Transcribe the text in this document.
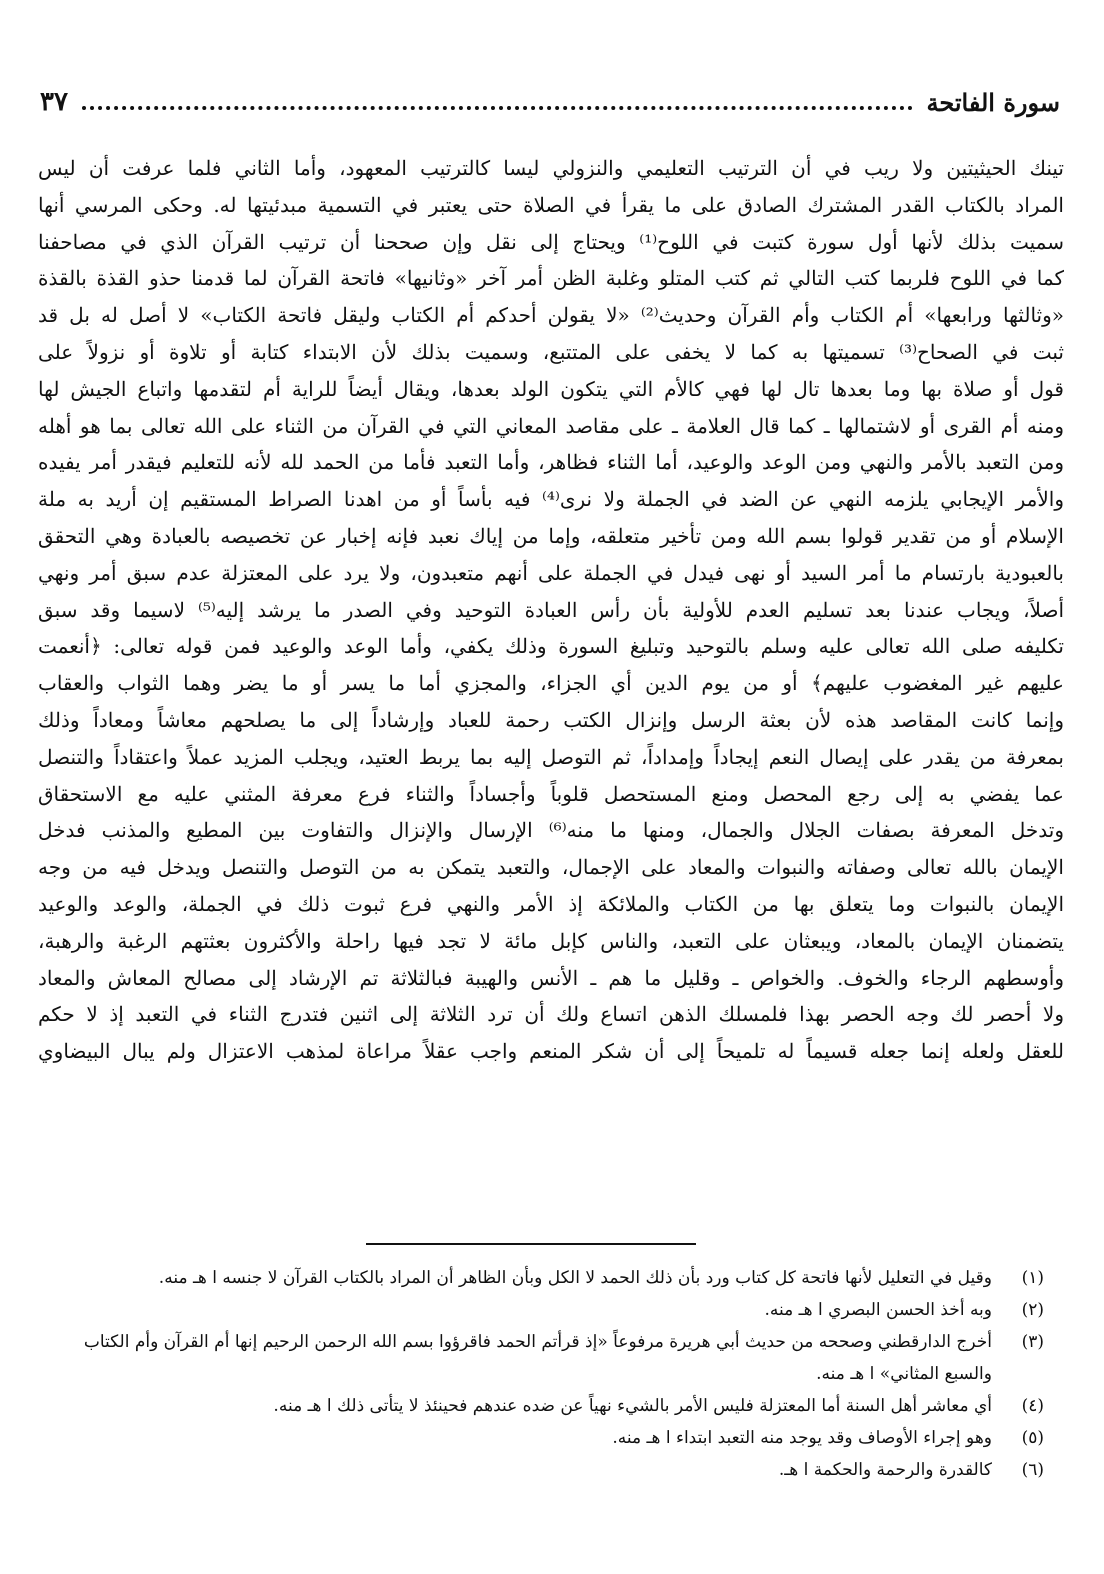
سورة الفاتحة
٣٧
تينك الحيثيتين ولا ريب في أن الترتيب التعليمي والنزولي ليسا كالترتيب المعهود، وأما الثاني فلما عرفت أن ليس
المراد بالكتاب القدر المشترك الصادق على ما يقرأ في الصلاة حتى يعتبر في التسمية مبدئيتها له. وحكى المرسي أنها
سميت بذلك لأنها أول سورة كتبت في اللوح⁽¹⁾ ويحتاج إلى نقل وإن صححنا أن ترتيب القرآن الذي في مصاحفنا
كما في اللوح فلربما كتب التالي ثم كتب المتلو وغلبة الظن أمر آخر «وثانيها» فاتحة القرآن لما قدمنا حذو القذة بالقذة
«وثالثها ورابعها» أم الكتاب وأم القرآن وحديث⁽²⁾ «لا يقولن أحدكم أم الكتاب وليقل فاتحة الكتاب» لا أصل له بل قد
ثبت في الصحاح⁽³⁾ تسميتها به كما لا يخفى على المتتبع، وسميت بذلك لأن الابتداء كتابة أو تلاوة أو نزولاً على
قول أو صلاة بها وما بعدها تال لها فهي كالأم التي يتكون الولد بعدها، ويقال أيضاً للراية أم لتقدمها واتباع الجيش لها
ومنه أم القرى أو لاشتمالها ـ كما قال العلامة ـ على مقاصد المعاني التي في القرآن من الثناء على الله تعالى بما هو أهله
ومن التعبد بالأمر والنهي ومن الوعد والوعيد، أما الثناء فظاهر، وأما التعبد فأما من الحمد لله لأنه للتعليم فيقدر أمر يفيده
والأمر الإيجابي يلزمه النهي عن الضد في الجملة ولا نرى⁽⁴⁾ فيه بأساً أو من اهدنا الصراط المستقيم إن أريد به ملة
الإسلام أو من تقدير قولوا بسم الله ومن تأخير متعلقه، وإما من إياك نعبد فإنه إخبار عن تخصيصه بالعبادة وهي التحقق
بالعبودية بارتسام ما أمر السيد أو نهى فيدل في الجملة على أنهم متعبدون، ولا يرد على المعتزلة عدم سبق أمر ونهي
أصلاً، ويجاب عندنا بعد تسليم العدم للأولية بأن رأس العبادة التوحيد وفي الصدر ما يرشد إليه⁽⁵⁾ لاسيما وقد سبق
تكليفه صلى الله تعالى عليه وسلم بالتوحيد وتبليغ السورة وذلك يكفي، وأما الوعد والوعيد فمن قوله تعالى: ﴿أنعمت
عليهم غير المغضوب عليهم﴾ أو من يوم الدين أي الجزاء، والمجزي أما ما يسر أو ما يضر وهما الثواب والعقاب
وإنما كانت المقاصد هذه لأن بعثة الرسل وإنزال الكتب رحمة للعباد وإرشاداً إلى ما يصلحهم معاشاً ومعاداً وذلك
بمعرفة من يقدر على إيصال النعم إيجاداً وإمداداً، ثم التوصل إليه بما يربط العتيد، ويجلب المزيد عملاً واعتقاداً والتنصل
عما يفضي به إلى رجع المحصل ومنع المستحصل قلوباً وأجساداً والثناء فرع معرفة المثني عليه مع الاستحقاق
وتدخل المعرفة بصفات الجلال والجمال، ومنها ما منه⁽⁶⁾ الإرسال والإنزال والتفاوت بين المطيع والمذنب فدخل
الإيمان بالله تعالى وصفاته والنبوات والمعاد على الإجمال، والتعبد يتمكن به من التوصل والتنصل ويدخل فيه من وجه
الإيمان بالنبوات وما يتعلق بها من الكتاب والملائكة إذ الأمر والنهي فرع ثبوت ذلك في الجملة، والوعد والوعيد
يتضمنان الإيمان بالمعاد، ويبعثان على التعبد، والناس كإبل مائة لا تجد فيها راحلة والأكثرون بعثتهم الرغبة والرهبة،
وأوسطهم الرجاء والخوف. والخواص ـ وقليل ما هم ـ الأنس والهيبة فبالثلاثة تم الإرشاد إلى مصالح المعاش والمعاد
ولا أحصر لك وجه الحصر بهذا فلمسلك الذهن اتساع ولك أن ترد الثلاثة إلى اثنين فتدرج الثناء في التعبد إذ لا حكم
للعقل ولعله إنما جعله قسيماً له تلميحاً إلى أن شكر المنعم واجب عقلاً مراعاة لمذهب الاعتزال ولم يبال البيضاوي
(١)
وقيل في التعليل لأنها فاتحة كل كتاب ورد بأن ذلك الحمد لا الكل وبأن الظاهر أن المراد بالكتاب القرآن لا جنسه ا هـ منه.
(٢)
وبه أخذ الحسن البصري ا هـ منه.
(٣)
أخرج الدارقطني وصححه من حديث أبي هريرة مرفوعاً «إذ قرأتم الحمد فاقرؤوا بسم الله الرحمن الرحيم إنها أم القرآن وأم الكتاب والسبع المثاني» ا هـ منه.
(٤)
أي معاشر أهل السنة أما المعتزلة فليس الأمر بالشيء نهياً عن ضده عندهم فحينئذ لا يتأتى ذلك ا هـ منه.
(٥)
وهو إجراء الأوصاف وقد يوجد منه التعبد ابتداء ا هـ منه.
(٦)
كالقدرة والرحمة والحكمة ا هـ.
